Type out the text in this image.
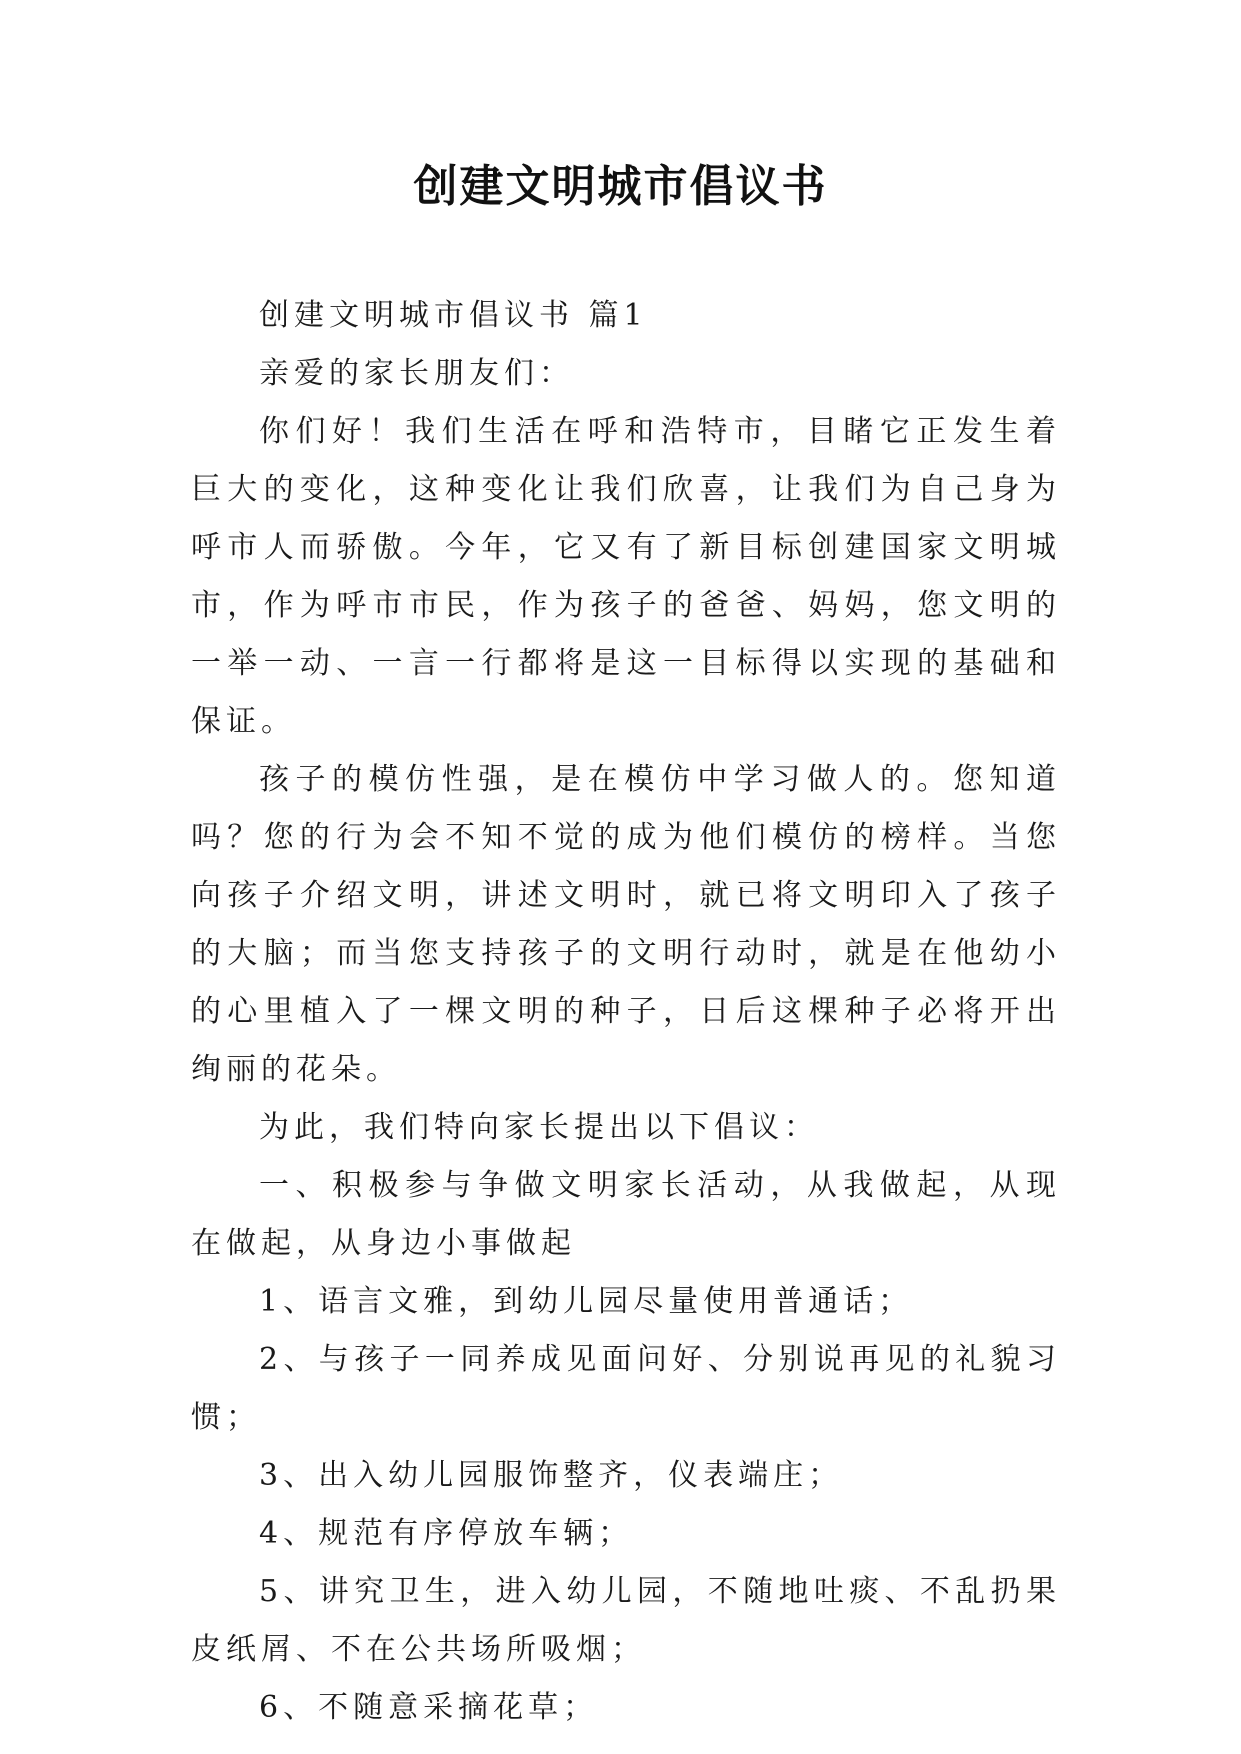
创建文明城市倡议书

创建文明城市倡议书 篇1

亲爱的家长朋友们：

你们好！我们生活在呼和浩特市，目睹它正发生着巨大的变化，这种变化让我们欣喜，让我们为自己身为呼市人而骄傲。今年，它又有了新目标创建国家文明城市，作为呼市市民，作为孩子的爸爸、妈妈，您文明的一举一动、一言一行都将是这一目标得以实现的基础和保证。

孩子的模仿性强，是在模仿中学习做人的。您知道吗？您的行为会不知不觉的成为他们模仿的榜样。当您向孩子介绍文明，讲述文明时，就已将文明印入了孩子的大脑；而当您支持孩子的文明行动时，就是在他幼小的心里植入了一棵文明的种子，日后这棵种子必将开出绚丽的花朵。

为此，我们特向家长提出以下倡议：

一、积极参与争做文明家长活动，从我做起，从现在做起，从身边小事做起

1、语言文雅，到幼儿园尽量使用普通话；

2、与孩子一同养成见面问好、分别说再见的礼貌习惯；

3、出入幼儿园服饰整齐，仪表端庄；

4、规范有序停放车辆；

5、讲究卫生，进入幼儿园，不随地吐痰、不乱扔果皮纸屑、不在公共场所吸烟；

6、不随意采摘花草；
